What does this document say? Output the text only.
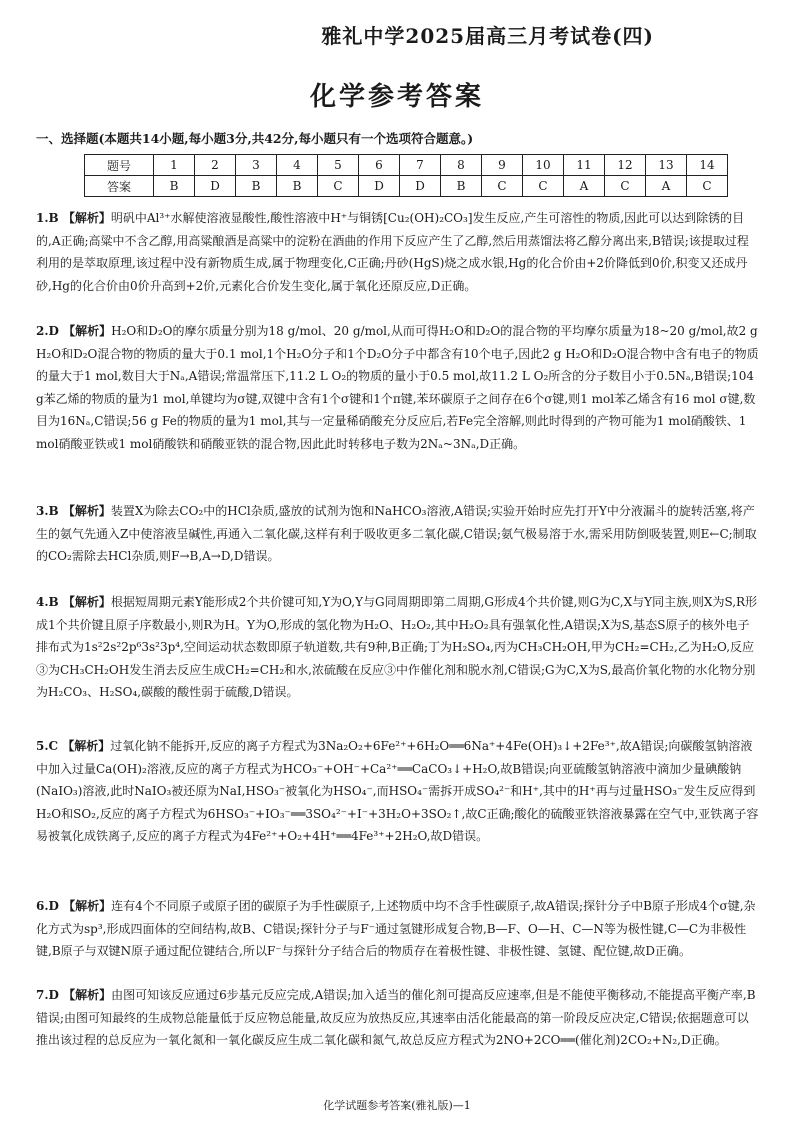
雅礼中学2025届高三月考试卷(四)
化学参考答案
一、选择题(本题共14小题,每小题3分,共42分,每小题只有一个选项符合题意。)
题号	1	2	3	4	5	6	7	8	9	10	11	12	13	14
答案	B	D	B	B	C	D	D	B	C	C	A	C	A	C

1.B 【解析】明矾中Al³⁺水解使溶液显酸性,酸性溶液中H⁺与铜锈[Cu₂(OH)₂CO₃]发生反应,产生可溶性的物质,因此可以达到除锈的目的,A正确;高粱中不含乙醇,用高粱酿酒是高粱中的淀粉在酒曲的作用下反应产生了乙醇,然后用蒸馏法将乙醇分离出来,B错误;该提取过程利用的是萃取原理,该过程中没有新物质生成,属于物理变化,C正确;丹砂(HgS)烧之成水银,Hg的化合价由+2价降低到0价,积变又还成丹砂,Hg的化合价由0价升高到+2价,元素化合价发生变化,属于氧化还原反应,D正确。

2.D 【解析】H₂O和D₂O的摩尔质量分别为18 g/mol、20 g/mol,从而可得H₂O和D₂O的混合物的平均摩尔质量为18~20 g/mol,故2 g H₂O和D₂O混合物的物质的量大于0.1 mol,1个H₂O分子和1个D₂O分子中都含有10个电子,因此2 g H₂O和D₂O混合物中含有电子的物质的量大于1 mol,数目大于Nₐ,A错误;常温常压下,11.2 L O₂的物质的量小于0.5 mol,故11.2 L O₂所含的分子数目小于0.5Nₐ,B错误;104 g苯乙烯的物质的量为1 mol,单键均为σ键,双键中含有1个σ键和1个π键,苯环碳原子之间存在6个σ键,则1 mol苯乙烯含有16 mol σ键,数目为16Nₐ,C错误;56 g Fe的物质的量为1 mol,其与一定量稀硝酸充分反应后,若Fe完全溶解,则此时得到的产物可能为1 mol硝酸铁、1 mol硝酸亚铁或1 mol硝酸铁和硝酸亚铁的混合物,因此此时转移电子数为2Nₐ~3Nₐ,D正确。

3.B 【解析】装置X为除去CO₂中的HCl杂质,盛放的试剂为饱和NaHCO₃溶液,A错误;实验开始时应先打开Y中分液漏斗的旋转活塞,将产生的氨气先通入Z中使溶液呈碱性,再通入二氧化碳,这样有利于吸收更多二氧化碳,C错误;氨气极易溶于水,需采用防倒吸装置,则E←C;制取的CO₂需除去HCl杂质,则F→B,A→D,D错误。

4.B 【解析】根据短周期元素Y能形成2个共价键可知,Y为O,Y与G同周期即第二周期,G形成4个共价键,则G为C,X与Y同主族,则X为S,R形成1个共价键且原子序数最小,则R为H。Y为O,形成的氢化物为H₂O、H₂O₂,其中H₂O₂具有强氧化性,A错误;X为S,基态S原子的核外电子排布式为1s²2s²2p⁶3s²3p⁴,空间运动状态数即原子轨道数,共有9种,B正确;丁为H₂SO₄,丙为CH₃CH₂OH,甲为CH₂=CH₂,乙为H₂O,反应③为CH₃CH₂OH发生消去反应生成CH₂=CH₂和水,浓硫酸在反应③中作催化剂和脱水剂,C错误;G为C,X为S,最高价氧化物的水化物分别为H₂CO₃、H₂SO₄,碳酸的酸性弱于硫酸,D错误。

5.C 【解析】过氧化钠不能拆开,反应的离子方程式为3Na₂O₂+6Fe²⁺+6H₂O══6Na⁺+4Fe(OH)₃↓+2Fe³⁺,故A错误;向碳酸氢钠溶液中加入过量Ca(OH)₂溶液,反应的离子方程式为HCO₃⁻+OH⁻+Ca²⁺══CaCO₃↓+H₂O,故B错误;向亚硫酸氢钠溶液中滴加少量碘酸钠(NaIO₃)溶液,此时NaIO₃被还原为NaI,HSO₃⁻被氧化为HSO₄⁻,而HSO₄⁻需拆开成SO₄²⁻和H⁺,其中的H⁺再与过量HSO₃⁻发生反应得到H₂O和SO₂,反应的离子方程式为6HSO₃⁻+IO₃⁻══3SO₄²⁻+I⁻+3H₂O+3SO₂↑,故C正确;酸化的硫酸亚铁溶液暴露在空气中,亚铁离子容易被氧化成铁离子,反应的离子方程式为4Fe²⁺+O₂+4H⁺══4Fe³⁺+2H₂O,故D错误。

6.D 【解析】连有4个不同原子或原子团的碳原子为手性碳原子,上述物质中均不含手性碳原子,故A错误;探针分子中B原子形成4个σ键,杂化方式为sp³,形成四面体的空间结构,故B、C错误;探针分子与F⁻通过氢键形成复合物,B—F、O—H、C—N等为极性键,C—C为非极性键,B原子与双键N原子通过配位键结合,所以F⁻与探针分子结合后的物质存在着极性键、非极性键、氢键、配位键,故D正确。

7.D 【解析】由图可知该反应通过6步基元反应完成,A错误;加入适当的催化剂可提高反应速率,但是不能使平衡移动,不能提高平衡产率,B错误;由图可知最终的生成物总能量低于反应物总能量,故反应为放热反应,其速率由活化能最高的第一阶段反应决定,C错误;依据题意可以推出该过程的总反应为一氧化氮和一氧化碳反应生成二氧化碳和氮气,故总反应方程式为2NO+2CO══(催化剂)2CO₂+N₂,D正确。

化学试题参考答案(雅礼版)—1
